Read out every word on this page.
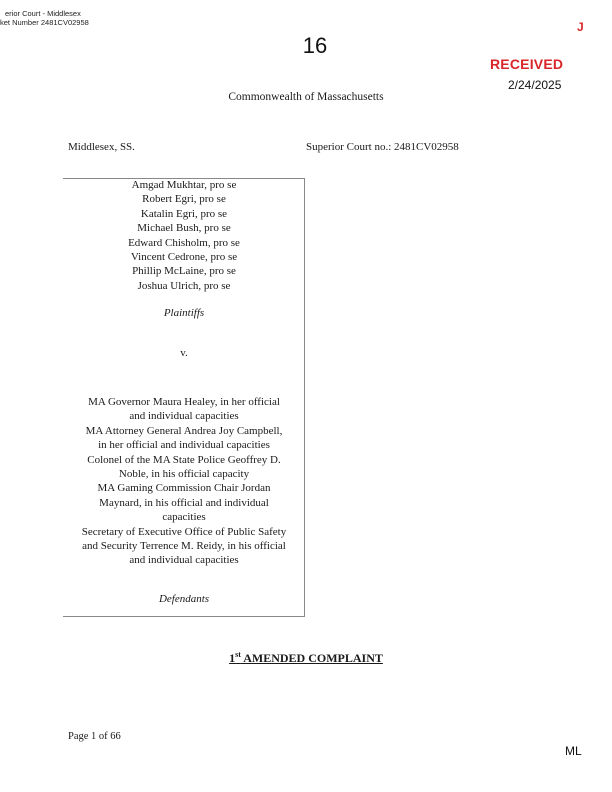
erior Court - Middlesex
ket Number 2481CV02958	J
16
RECEIVED
2/24/2025
Commonwealth of Massachusetts
Middlesex, SS.	Superior Court no.: 2481CV02958
Amgad Mukhtar, pro se
Robert Egri, pro se
Katalin Egri, pro se
Michael Bush, pro se
Edward Chisholm, pro se
Vincent Cedrone, pro se
Phillip McLaine, pro se
Joshua Ulrich, pro se
Plaintiffs
v.
MA Governor Maura Healey, in her official
and individual capacities
MA Attorney General Andrea Joy Campbell,
in her official and individual capacities
Colonel of the MA State Police Geoffrey D.
Noble, in his official capacity
MA Gaming Commission Chair Jordan
Maynard, in his official and individual
capacities
Secretary of Executive Office of Public Safety
and Security Terrence M. Reidy, in his official
and individual capacities
Defendants
1st AMENDED COMPLAINT
Page 1 of 66
ML
